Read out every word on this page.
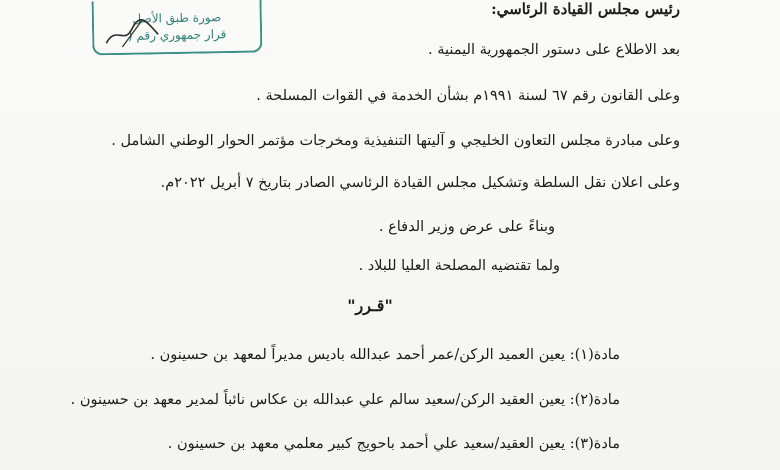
صورة طبق الأصل
قرار جمهوري رقم (
رئيس مجلس القيادة الرئاسي:
بعد الاطلاع على دستور الجمهورية اليمنية .
وعلى القانون رقم ٦٧ لسنة ١٩٩١م بشأن الخدمة في القوات المسلحة .
وعلى مبادرة مجلس التعاون الخليجي و آليتها التنفيذية ومخرجات مؤتمر الحوار الوطني الشامل .
وعلى اعلان نقل السلطة وتشكيل مجلس القيادة الرئاسي الصادر بتاريخ ٧ أبريل ٢٠٢٢م.
وبناءً على عرض وزير الدفاع .
ولما تقتضيه المصلحة العليا للبلاد .
"قـرر"
مادة(١): يعين العميد الركن/عمر أحمد عبدالله باديس مديراً لمعهد بن حسينون .
مادة(٢): يعين العقيد الركن/سعيد سالم علي عبدالله بن عكاس نائباً لمدير معهد بن حسينون .
مادة(٣): يعين العقيد/سعيد علي أحمد باحويج كبير معلمي معهد بن حسينون .
